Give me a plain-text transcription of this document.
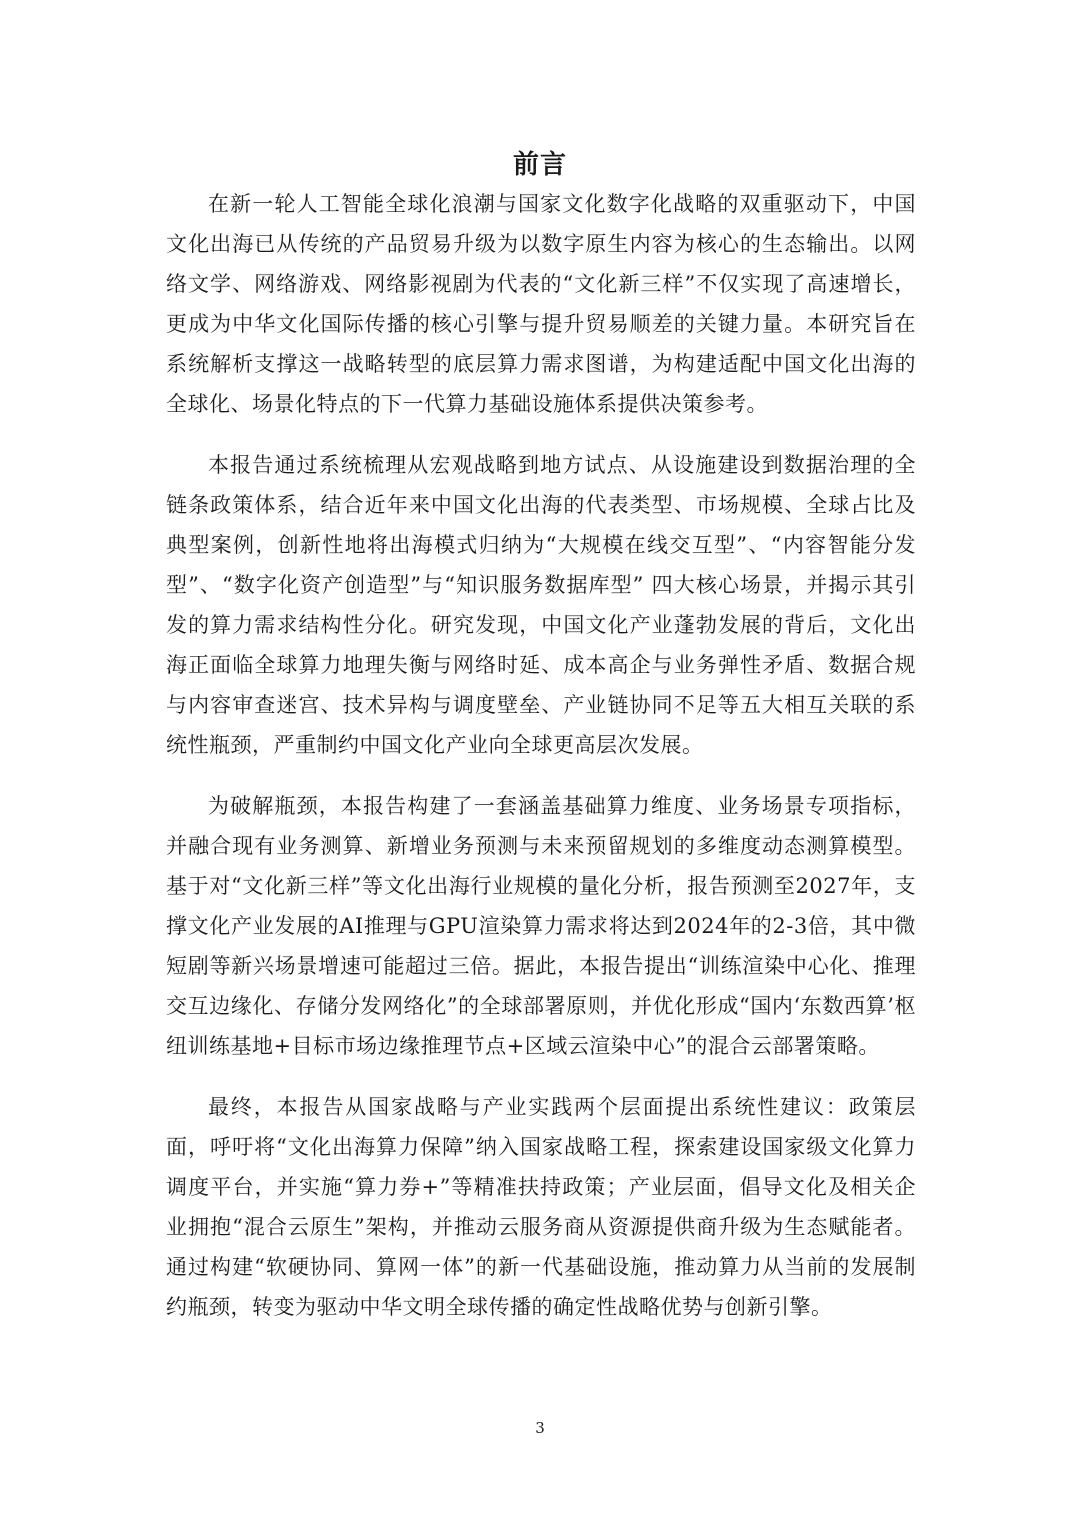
前言

在新一轮人工智能全球化浪潮与国家文化数字化战略的双重驱动下，中国文化出海已从传统的产品贸易升级为以数字原生内容为核心的生态输出。以网络文学、网络游戏、网络影视剧为代表的“文化新三样”不仅实现了高速增长，更成为中华文化国际传播的核心引擎与提升贸易顺差的关键力量。本研究旨在系统解析支撑这一战略转型的底层算力需求图谱，为构建适配中国文化出海的全球化、场景化特点的下一代算力基础设施体系提供决策参考。

本报告通过系统梳理从宏观战略到地方试点、从设施建设到数据治理的全链条政策体系，结合近年来中国文化出海的代表类型、市场规模、全球占比及典型案例，创新性地将出海模式归纳为“大规模在线交互型”、“内容智能分发型”、“数字化资产创造型”与“知识服务数据库型” 四大核心场景，并揭示其引发的算力需求结构性分化。研究发现，中国文化产业蓬勃发展的背后，文化出海正面临全球算力地理失衡与网络时延、成本高企与业务弹性矛盾、数据合规与内容审查迷宫、技术异构与调度壁垒、产业链协同不足等五大相互关联的系统性瓶颈，严重制约中国文化产业向全球更高层次发展。

为破解瓶颈，本报告构建了一套涵盖基础算力维度、业务场景专项指标，并融合现有业务测算、新增业务预测与未来预留规划的多维度动态测算模型。基于对“文化新三样”等文化出海行业规模的量化分析，报告预测至2027年，支撑文化产业发展的AI推理与GPU渲染算力需求将达到2024年的2-3倍，其中微短剧等新兴场景增速可能超过三倍。据此，本报告提出“训练渲染中心化、推理交互边缘化、存储分发网络化”的全球部署原则，并优化形成“国内‘东数西算’枢纽训练基地+目标市场边缘推理节点+区域云渲染中心”的混合云部署策略。

最终，本报告从国家战略与产业实践两个层面提出系统性建议：政策层面，呼吁将“文化出海算力保障”纳入国家战略工程，探索建设国家级文化算力调度平台，并实施“算力券+”等精准扶持政策；产业层面，倡导文化及相关企业拥抱“混合云原生”架构，并推动云服务商从资源提供商升级为生态赋能者。通过构建“软硬协同、算网一体”的新一代基础设施，推动算力从当前的发展制约瓶颈，转变为驱动中华文明全球传播的确定性战略优势与创新引擎。

3
